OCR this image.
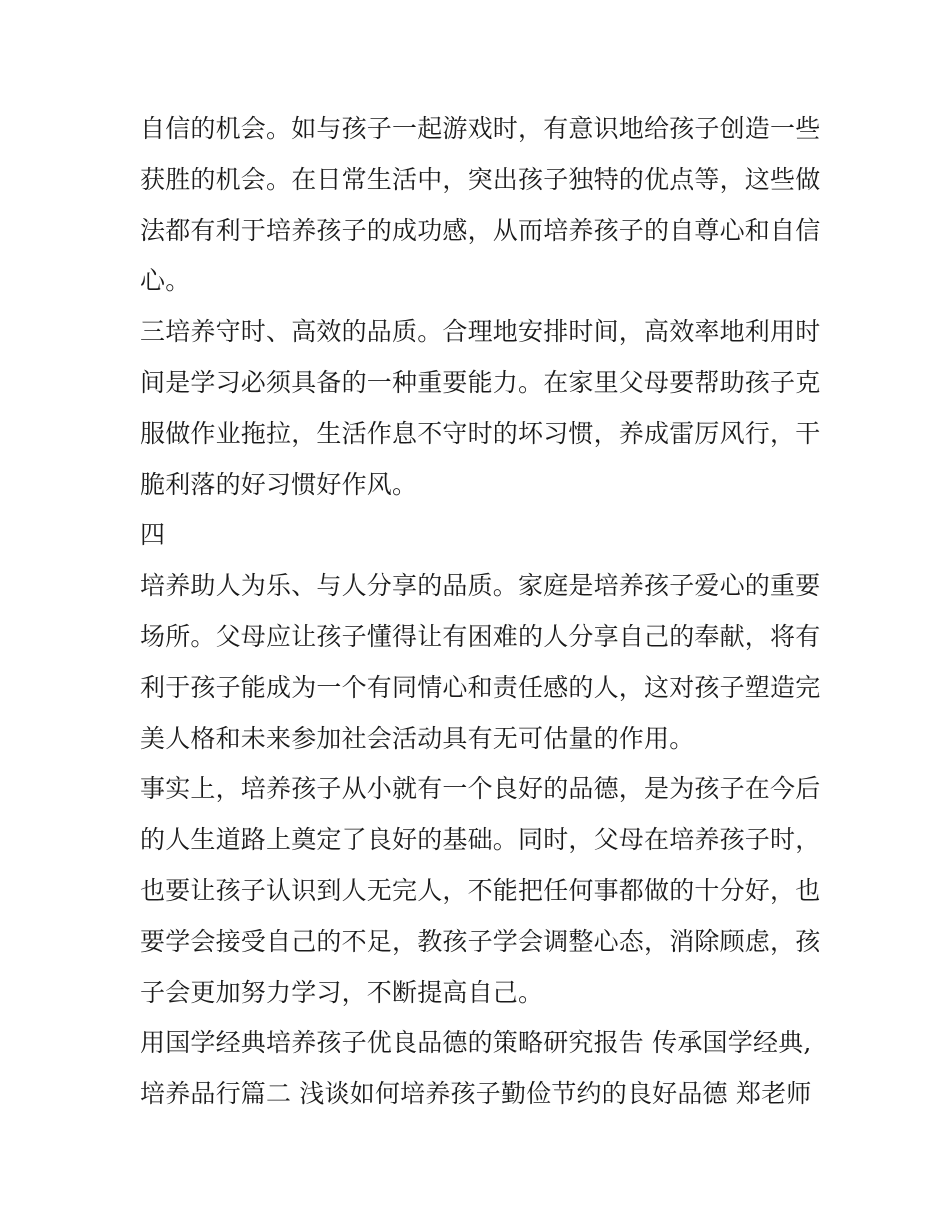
自信的机会。如与孩子一起游戏时，有意识地给孩子创造一些
获胜的机会。在日常生活中，突出孩子独特的优点等，这些做
法都有利于培养孩子的成功感，从而培养孩子的自尊心和自信
心。
三培养守时、高效的品质。合理地安排时间，高效率地利用时
间是学习必须具备的一种重要能力。在家里父母要帮助孩子克
服做作业拖拉，生活作息不守时的坏习惯，养成雷厉风行，干
脆利落的好习惯好作风。
四
培养助人为乐、与人分享的品质。家庭是培养孩子爱心的重要
场所。父母应让孩子懂得让有困难的人分享自己的奉献，将有
利于孩子能成为一个有同情心和责任感的人，这对孩子塑造完
美人格和未来参加社会活动具有无可估量的作用。
事实上，培养孩子从小就有一个良好的品德，是为孩子在今后
的人生道路上奠定了良好的基础。同时，父母在培养孩子时，
也要让孩子认识到人无完人，不能把任何事都做的十分好，也
要学会接受自己的不足，教孩子学会调整心态，消除顾虑，孩
子会更加努力学习，不断提高自己。
用国学经典培养孩子优良品德的策略研究报告 传承国学经典,
培养品行篇二 浅谈如何培养孩子勤俭节约的良好品德 郑老师
